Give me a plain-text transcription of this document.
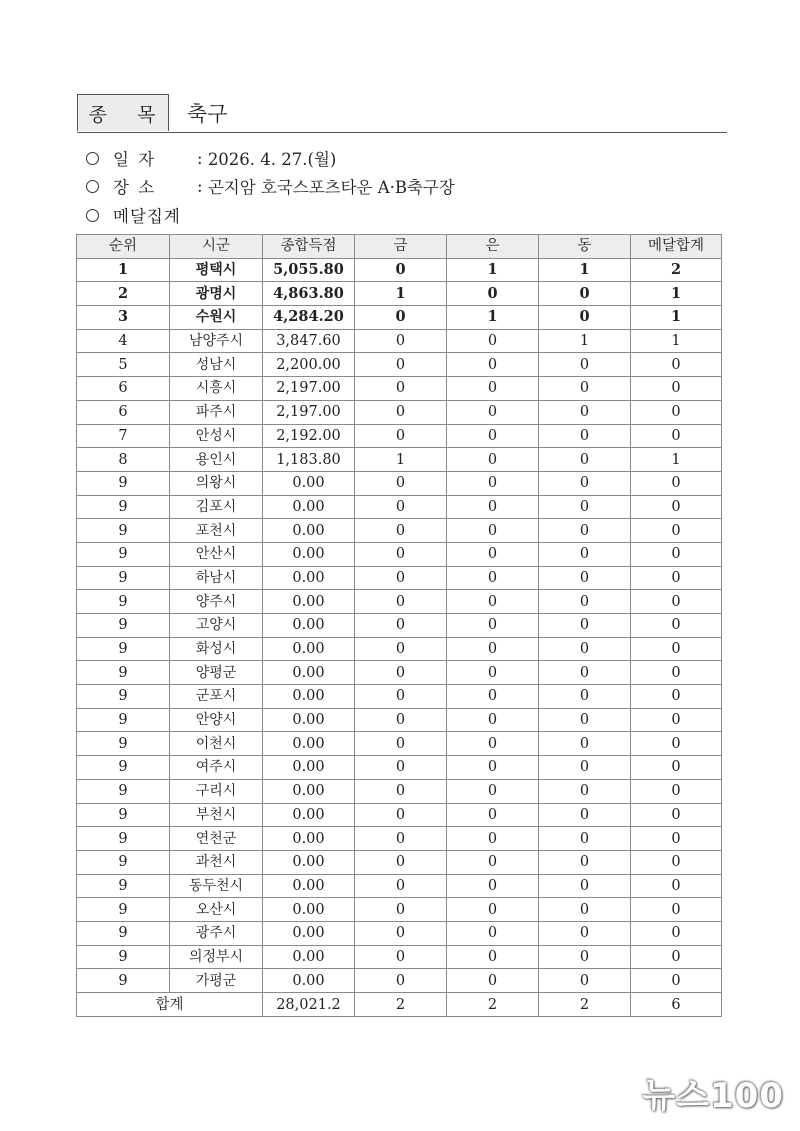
종 목 축구
일 자	:
2026. 4. 27.(월)
장 소	:
곤지암 호국스포츠타운 A·B축구장
메달집계
순위	시군	종합득점	금	은	동	메달합계
1	평택시	5,055.80	0	1	1	2
2	광명시	4,863.80	1	0	0	1
3	수원시	4,284.20	0	1	0	1
4	남양주시	3,847.60	0	0	1	1
5	성남시	2,200.00	0	0	0	0
6	시흥시	2,197.00	0	0	0	0
6	파주시	2,197.00	0	0	0	0
7	안성시	2,192.00	0	0	0	0
8	용인시	1,183.80	1	0	0	1
9	의왕시	0.00	0	0	0	0
9	김포시	0.00	0	0	0	0
9	포천시	0.00	0	0	0	0
9	안산시	0.00	0	0	0	0
9	하남시	0.00	0	0	0	0
9	양주시	0.00	0	0	0	0
9	고양시	0.00	0	0	0	0
9	화성시	0.00	0	0	0	0
9	양평군	0.00	0	0	0	0
9	군포시	0.00	0	0	0	0
9	안양시	0.00	0	0	0	0
9	이천시	0.00	0	0	0	0
9	여주시	0.00	0	0	0	0
9	구리시	0.00	0	0	0	0
9	부천시	0.00	0	0	0	0
9	연천군	0.00	0	0	0	0
9	과천시	0.00	0	0	0	0
9	동두천시	0.00	0	0	0	0
9	오산시	0.00	0	0	0	0
9	광주시	0.00	0	0	0	0
9	의정부시	0.00	0	0	0	0
9	가평군	0.00	0	0	0	0
합계		28,021.2	2	2	2	6
뉴스100
